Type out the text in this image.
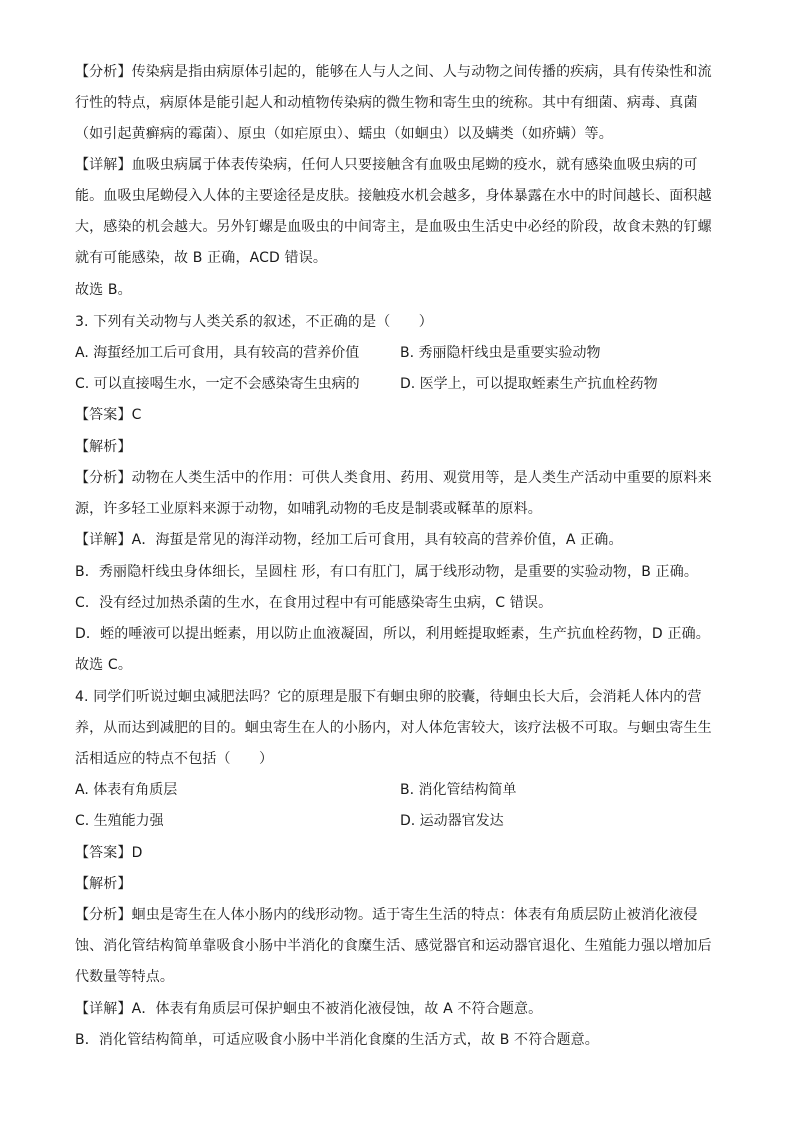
【分析】传染病是指由病原体引起的，能够在人与人之间、人与动物之间传播的疾病，具有传染性和流
行性的特点，病原体是能引起人和动植物传染病的微生物和寄生虫的统称。其中有细菌、病毒、真菌
（如引起黄癣病的霉菌）、原虫（如疟原虫）、蠕虫（如蛔虫）以及螨类（如疥螨）等。
【详解】血吸虫病属于体表传染病，任何人只要接触含有血吸虫尾蚴的疫水，就有感染血吸虫病的可
能。血吸虫尾蚴侵入人体的主要途径是皮肤。接触疫水机会越多，身体暴露在水中的时间越长、面积越
大，感染的机会越大。另外钉螺是血吸虫的中间寄主，是血吸虫生活史中必经的阶段，故食未熟的钉螺
就有可能感染，故 B 正确，ACD 错误。
故选 B。
3. 下列有关动物与人类关系的叙述，不正确的是（　　）
A. 海蜇经加工后可食用，具有较高的营养价值	B. 秀丽隐杆线虫是重要实验动物
C. 可以直接喝生水，一定不会感染寄生虫病的	D. 医学上，可以提取蛭素生产抗血栓药物
【答案】C
【解析】
【分析】动物在人类生活中的作用：可供人类食用、药用、观赏用等，是人类生产活动中重要的原料来
源，许多轻工业原料来源于动物，如哺乳动物的毛皮是制裘或鞣革的原料。
【详解】A．海蜇是常见的海洋动物，经加工后可食用，具有较高的营养价值，A 正确。
B．秀丽隐杆线虫身体细长，呈圆柱 形，有口有肛门，属于线形动物，是重要的实验动物，B 正确。
C．没有经过加热杀菌的生水，在食用过程中有可能感染寄生虫病，C 错误。
D．蛭的唾液可以提出蛭素，用以防止血液凝固，所以，利用蛭提取蛭素，生产抗血栓药物，D 正确。
故选 C。
4. 同学们听说过蛔虫减肥法吗？它的原理是服下有蛔虫卵的胶囊，待蛔虫长大后，会消耗人体内的营
养，从而达到减肥的目的。蛔虫寄生在人的小肠内，对人体危害较大，该疗法极不可取。与蛔虫寄生生
活相适应的特点不包括（　　）
A. 体表有角质层	B. 消化管结构简单
C. 生殖能力强	D. 运动器官发达
【答案】D
【解析】
【分析】蛔虫是寄生在人体小肠内的线形动物。适于寄生生活的特点：体表有角质层防止被消化液侵
蚀、消化管结构简单靠吸食小肠中半消化的食糜生活、感觉器官和运动器官退化、生殖能力强以增加后
代数量等特点。
【详解】A．体表有角质层可保护蛔虫不被消化液侵蚀，故 A 不符合题意。
B．消化管结构简单，可适应吸食小肠中半消化食糜的生活方式，故 B 不符合题意。
